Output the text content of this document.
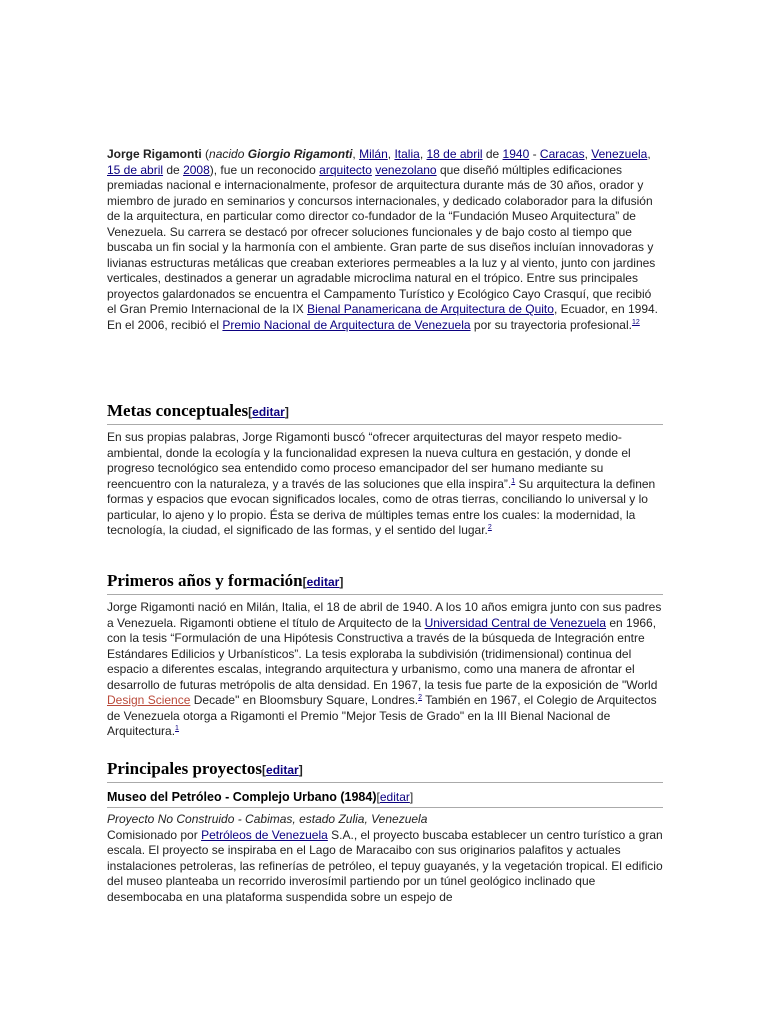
Jorge Rigamonti (nacido Giorgio Rigamonti, Milán, Italia, 18 de abril de 1940 - Caracas, Venezuela, 15 de abril de 2008), fue un reconocido arquitecto venezolano que diseñó múltiples edificaciones premiadas nacional e internacionalmente, profesor de arquitectura durante más de 30 años, orador y miembro de jurado en seminarios y concursos internacionales, y dedicado colaborador para la difusión de la arquitectura, en particular como director co-fundador de la “Fundación Museo Arquitectura” de Venezuela. Su carrera se destacó por ofrecer soluciones funcionales y de bajo costo al tiempo que buscaba un fin social y la harmonía con el ambiente. Gran parte de sus diseños incluían innovadoras y livianas estructuras metálicas que creaban exteriores permeables a la luz y al viento, junto con jardines verticales, destinados a generar un agradable microclima natural en el trópico. Entre sus principales proyectos galardonados se encuentra el Campamento Turístico y Ecológico Cayo Crasquí, que recibió el Gran Premio Internacional de la IX Bienal Panamericana de Arquitectura de Quito, Ecuador, en 1994. En el 2006, recibió el Premio Nacional de Arquitectura de Venezuela por su trayectoria profesional.$^{12}$

Metas conceptuales[editar]

En sus propias palabras, Jorge Rigamonti buscó “ofrecer arquitecturas del mayor respeto medio-ambiental, donde la ecología y la funcionalidad expresen la nueva cultura en gestación, y donde el progreso tecnológico sea entendido como proceso emancipador del ser humano mediante su reencuentro con la naturaleza, y a través de las soluciones que ella inspira”.$^1$ Su arquitectura la definen formas y espacios que evocan significados locales, como de otras tierras, conciliando lo universal y lo particular, lo ajeno y lo propio. Ésta se deriva de múltiples temas entre los cuales: la modernidad, la tecnología, la ciudad, el significado de las formas, y el sentido del lugar.$^2$

Primeros años y formación[editar]

Jorge Rigamonti nació en Milán, Italia, el 18 de abril de 1940. A los 10 años emigra junto con sus padres a Venezuela. Rigamonti obtiene el título de Arquitecto de la Universidad Central de Venezuela en 1966, con la tesis “Formulación de una Hipótesis Constructiva a través de la búsqueda de Integración entre Estándares Edilicios y Urbanísticos”. La tesis exploraba la subdivisión (tridimensional) continua del espacio a diferentes escalas, integrando arquitectura y urbanismo, como una manera de afrontar el desarrollo de futuras metrópolis de alta densidad. En 1967, la tesis fue parte de la exposición de "World Design Science Decade" en Bloomsbury Square, Londres.$^2$ También en 1967, el Colegio de Arquitectos de Venezuela otorga a Rigamonti el Premio "Mejor Tesis de Grado" en la III Bienal Nacional de Arquitectura.$^1$

Principales proyectos[editar]
Museo del Petróleo - Complejo Urbano (1984)[editar]

Proyecto No Construido - Cabimas, estado Zulia, Venezuela

Comisionado por Petróleos de Venezuela S.A., el proyecto buscaba establecer un centro turístico a gran escala. El proyecto se inspiraba en el Lago de Maracaibo con sus originarios palafitos y actuales instalaciones petroleras, las refinerías de petróleo, el tepuy guayanés, y la vegetación tropical. El edificio del museo planteaba un recorrido inverosímil partiendo por un túnel geológico inclinado que desembocaba en una plataforma suspendida sobre un espejo de
